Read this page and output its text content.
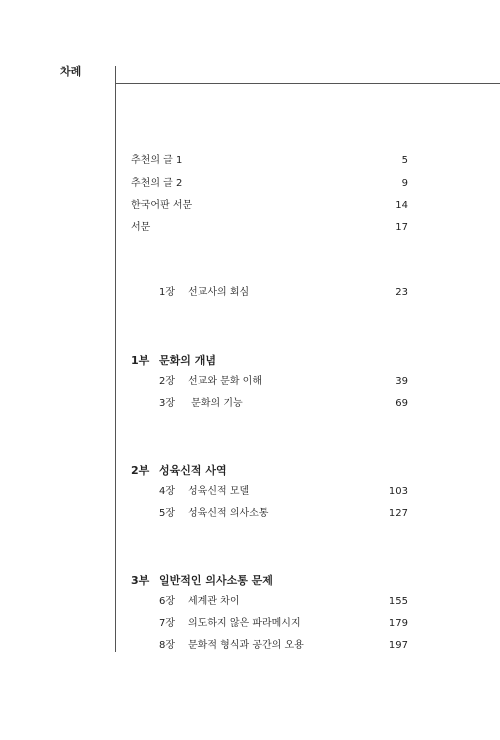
차례
추천의 글 1	5
추천의 글 2	9
한국어판 서문	14
서문	17
1장 선교사의 회심	23
1부 문화의 개념
2장 선교와 문화 이해	39
3장 문화의 기능	69
2부 성육신적 사역
4장 성육신적 모델	103
5장 성육신적 의사소통	127
3부 일반적인 의사소통 문제
6장 세계관 차이	155
7장 의도하지 않은 파라메시지	179
8장 문화적 형식과 공간의 오용	197
